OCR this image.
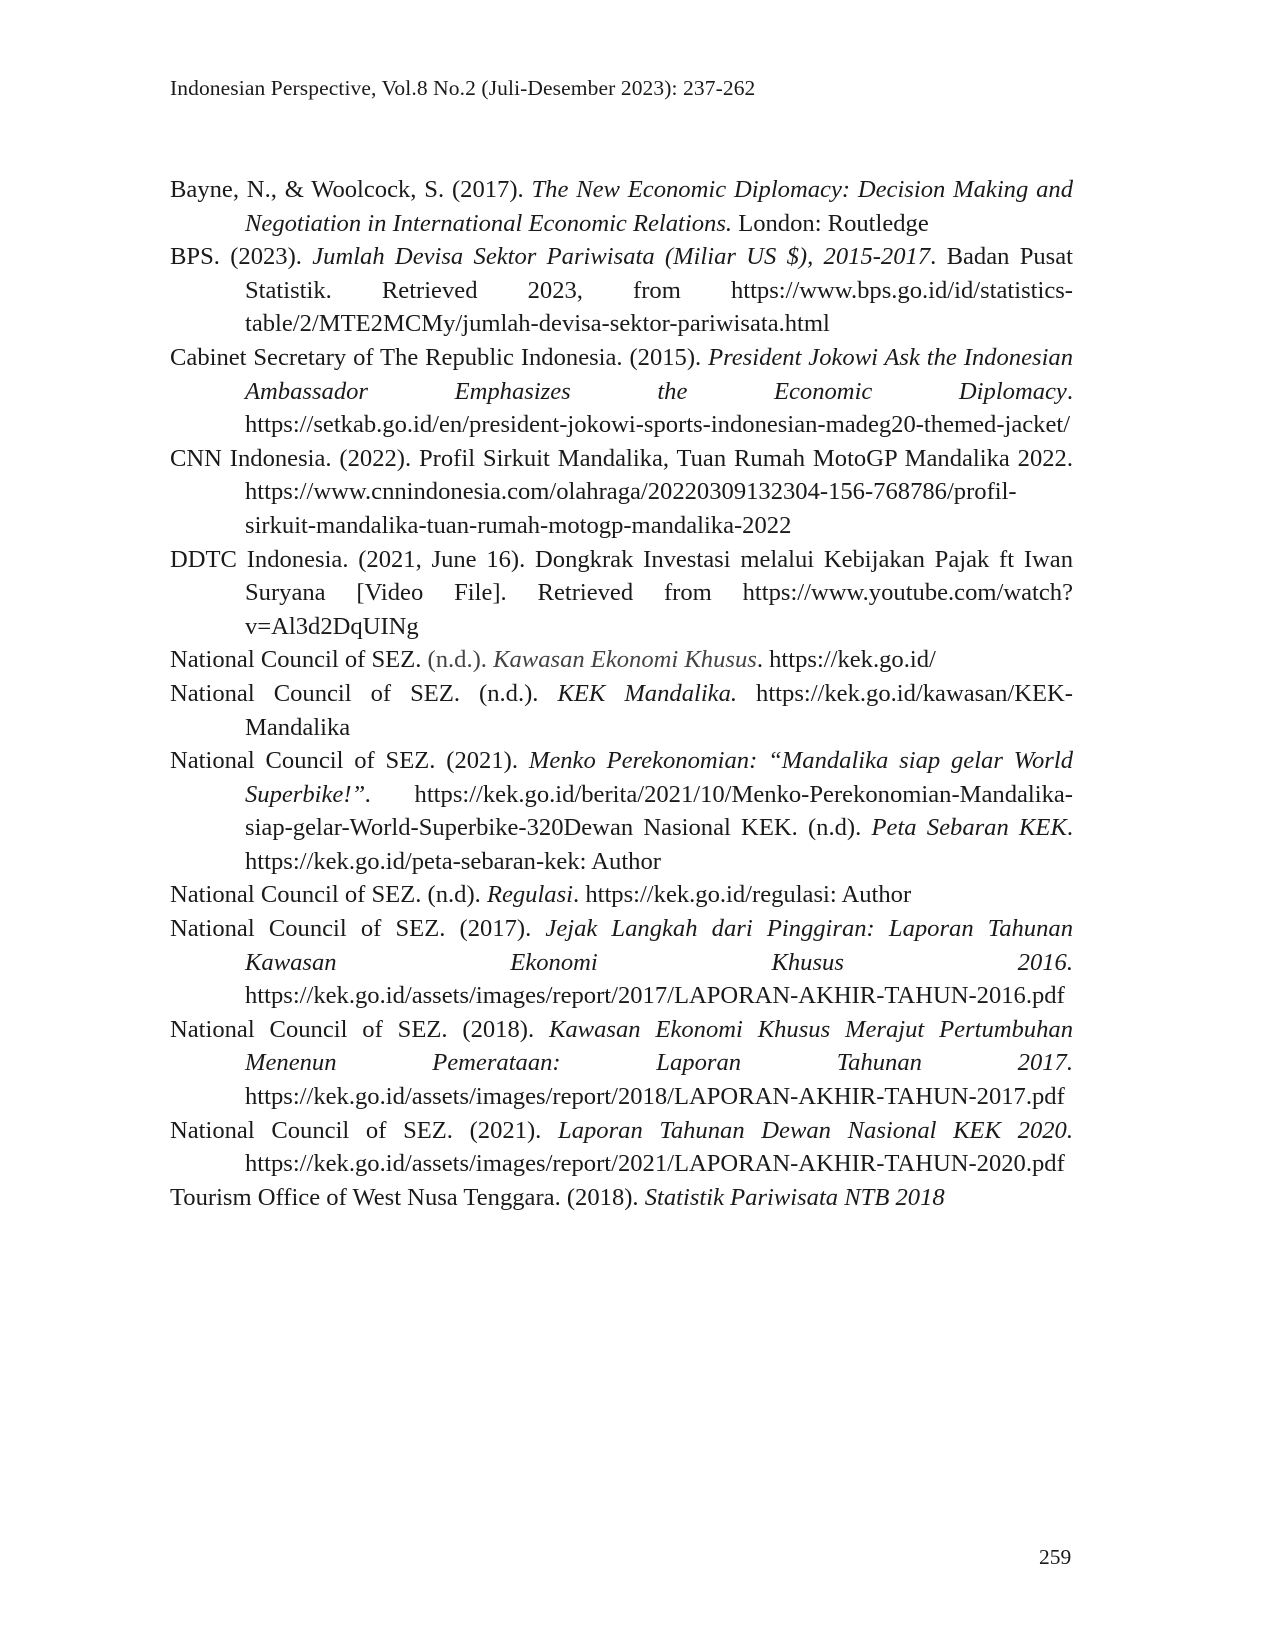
Indonesian Perspective, Vol.8 No.2 (Juli-Desember 2023): 237-262

Bayne, N., & Woolcock, S. (2017). The New Economic Diplomacy: Decision Making and Negotiation in International Economic Relations. London: Routledge

BPS. (2023). Jumlah Devisa Sektor Pariwisata (Miliar US $), 2015-2017. Badan Pusat Statistik. Retrieved 2023, from https://www.bps.go.id/id/statistics-table/2/MTE2MCMy/jumlah-devisa-sektor-pariwisata.html

Cabinet Secretary of The Republic Indonesia. (2015). President Jokowi Ask the Indonesian Ambassador Emphasizes the Economic Diplomacy. https://setkab.go.id/en/president-jokowi-sports-indonesian-madeg20-themed-jacket/

CNN Indonesia. (2022). Profil Sirkuit Mandalika, Tuan Rumah MotoGP Mandalika 2022. https://www.cnnindonesia.com/olahraga/20220309132304-156-768786/profil-sirkuit-mandalika-tuan-rumah-motogp-mandalika-2022

DDTC Indonesia. (2021, June 16). Dongkrak Investasi melalui Kebijakan Pajak ft Iwan Suryana [Video File]. Retrieved from https://www.youtube.com/watch?v=Al3d2DqUINg

National Council of SEZ. (n.d.). Kawasan Ekonomi Khusus. https://kek.go.id/

National Council of SEZ. (n.d.). KEK Mandalika. https://kek.go.id/kawasan/KEK-Mandalika

National Council of SEZ. (2021). Menko Perekonomian: “Mandalika siap gelar World Superbike!”. https://kek.go.id/berita/2021/10/Menko-Perekonomian-Mandalika-siap-gelar-World-Superbike-320Dewan Nasional KEK. (n.d). Peta Sebaran KEK. https://kek.go.id/peta-sebaran-kek: Author

National Council of SEZ. (n.d). Regulasi. https://kek.go.id/regulasi: Author

National Council of SEZ. (2017). Jejak Langkah dari Pinggiran: Laporan Tahunan Kawasan Ekonomi Khusus 2016. https://kek.go.id/assets/images/report/2017/LAPORAN-AKHIR-TAHUN-2016.pdf

National Council of SEZ. (2018). Kawasan Ekonomi Khusus Merajut Pertumbuhan Menenun Pemerataan: Laporan Tahunan 2017. https://kek.go.id/assets/images/report/2018/LAPORAN-AKHIR-TAHUN-2017.pdf

National Council of SEZ. (2021). Laporan Tahunan Dewan Nasional KEK 2020. https://kek.go.id/assets/images/report/2021/LAPORAN-AKHIR-TAHUN-2020.pdf

Tourism Office of West Nusa Tenggara. (2018). Statistik Pariwisata NTB 2018

259
